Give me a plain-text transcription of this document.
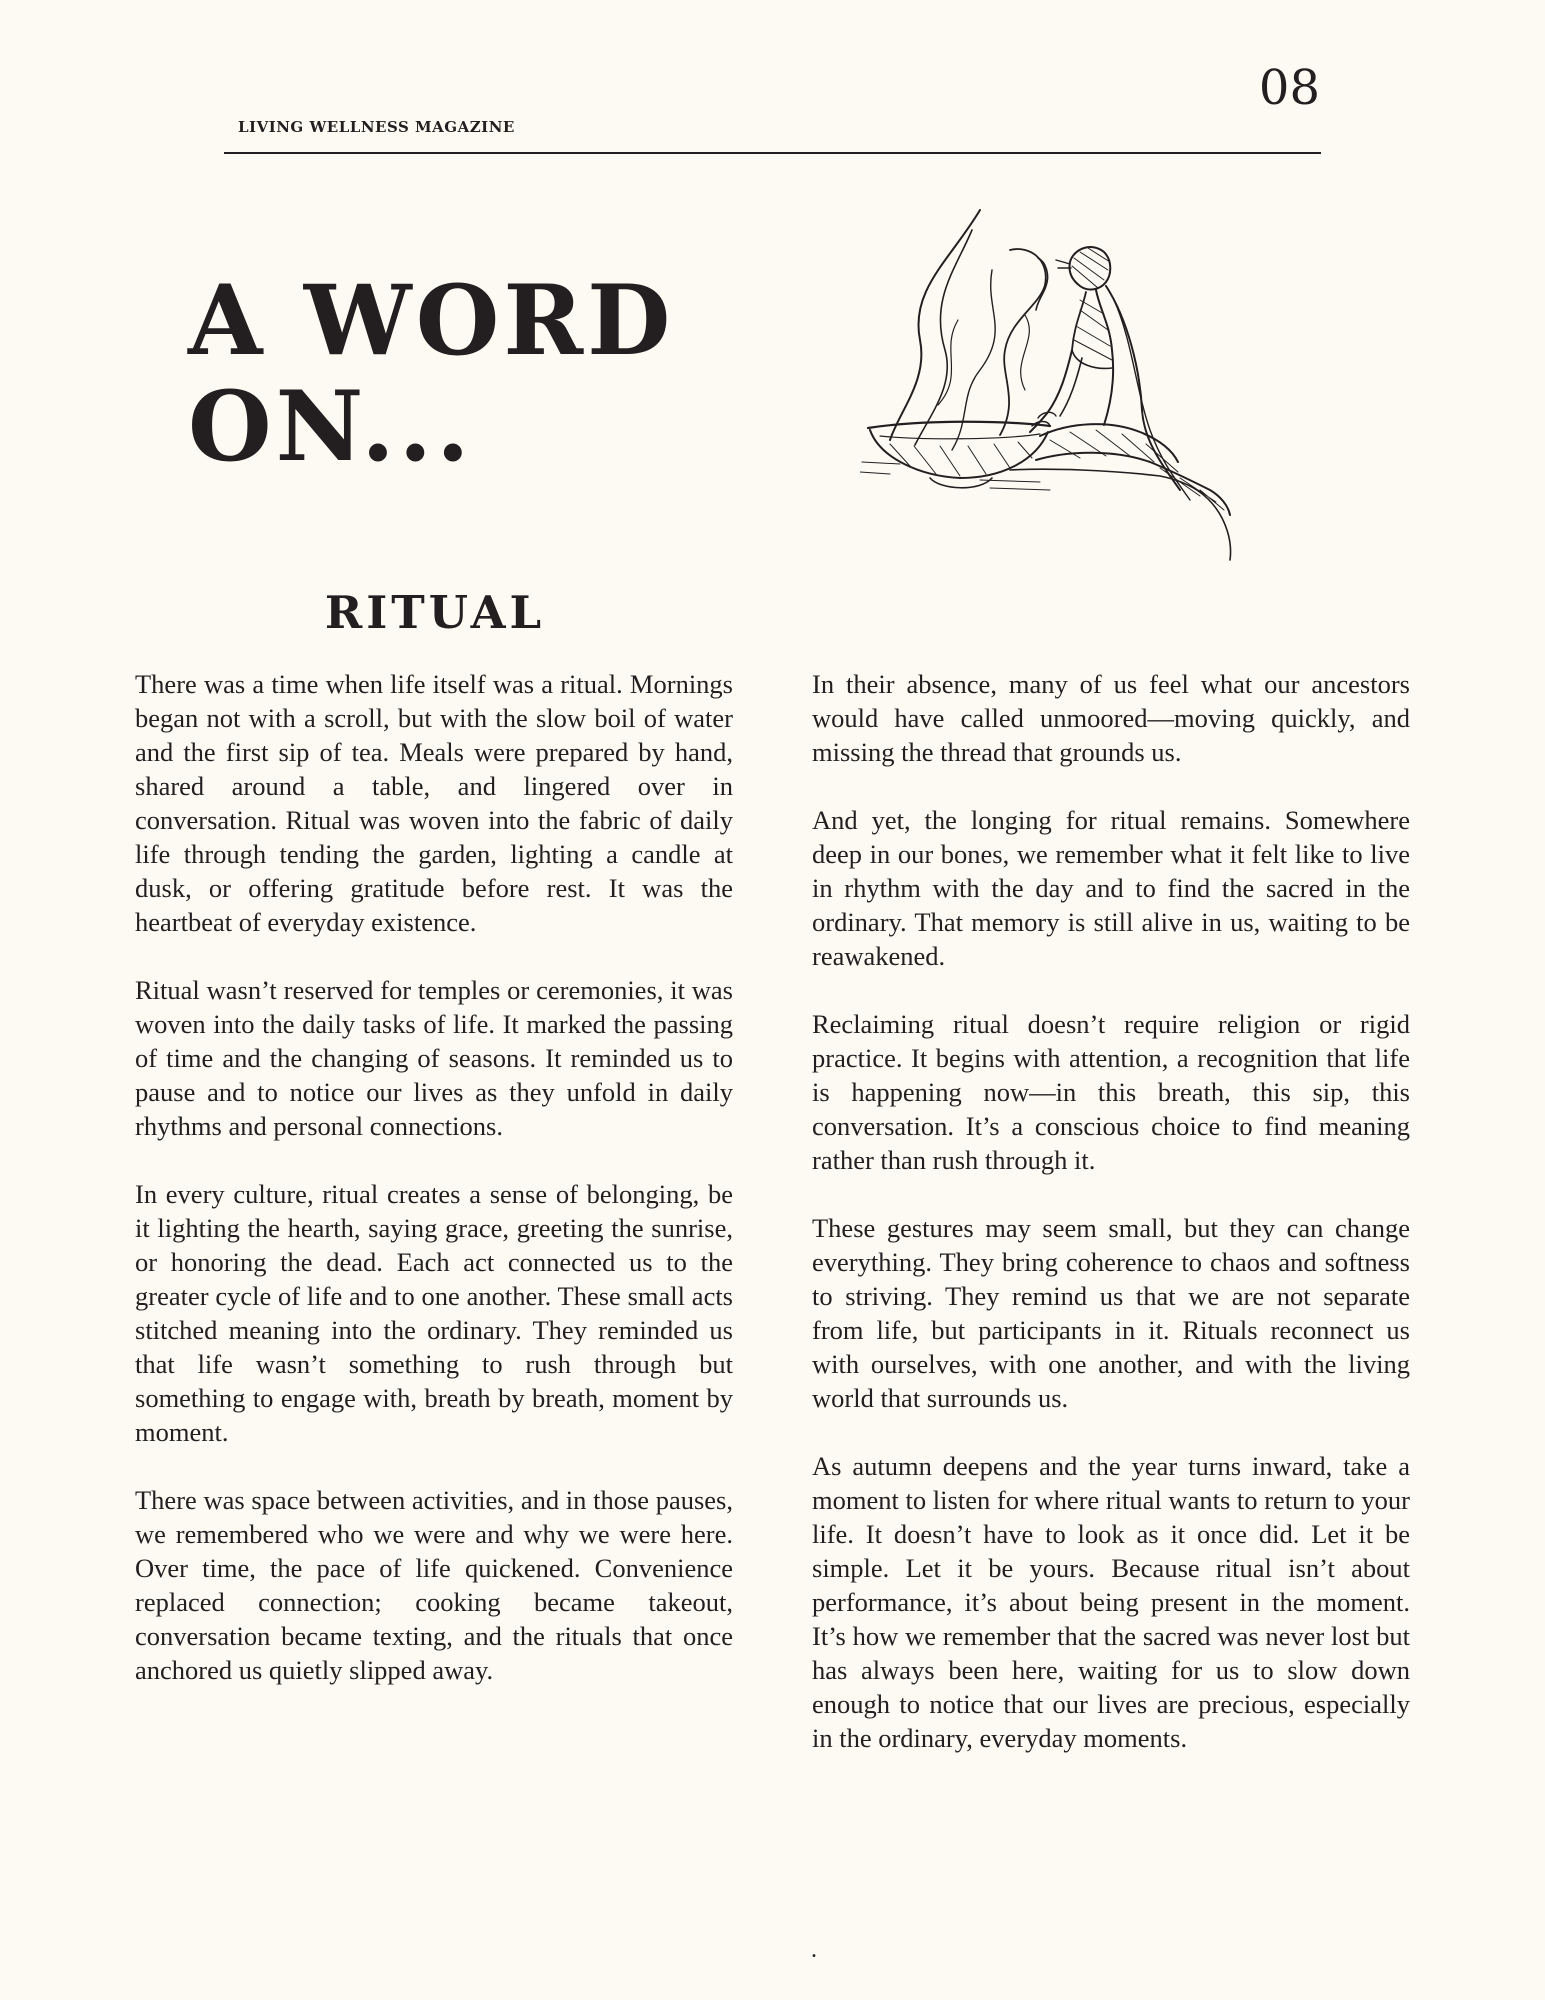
LIVING WELLNESS MAGAZINE
08
A WORD
ON...
RITUAL

There was a time when life itself was a ritual. Mornings began not with a scroll, but with the slow boil of water and the first sip of tea. Meals were prepared by hand, shared around a table, and lingered over in conversation. Ritual was woven into the fabric of daily life through tending the garden, lighting a candle at dusk, or offering gratitude before rest. It was the heartbeat of everyday existence.

Ritual wasn’t reserved for temples or ceremonies, it was woven into the daily tasks of life. It marked the passing of time and the changing of seasons. It reminded us to pause and to notice our lives as they unfold in daily rhythms and personal connections.

In every culture, ritual creates a sense of belonging, be it lighting the hearth, saying grace, greeting the sunrise, or honoring the dead. Each act connected us to the greater cycle of life and to one another. These small acts stitched meaning into the ordinary. They reminded us that life wasn’t something to rush through but something to engage with, breath by breath, moment by moment.

There was space between activities, and in those pauses, we remembered who we were and why we were here. Over time, the pace of life quickened. Convenience replaced connection; cooking became takeout, conversation became texting, and the rituals that once anchored us quietly slipped away.

In their absence, many of us feel what our ancestors would have called unmoored—moving quickly, and missing the thread that grounds us.

And yet, the longing for ritual remains. Somewhere deep in our bones, we remember what it felt like to live in rhythm with the day and to find the sacred in the ordinary. That memory is still alive in us, waiting to be reawakened.

Reclaiming ritual doesn’t require religion or rigid practice. It begins with attention, a recognition that life is happening now—in this breath, this sip, this conversation. It’s a conscious choice to find meaning rather than rush through it.

These gestures may seem small, but they can change everything. They bring coherence to chaos and softness to striving. They remind us that we are not separate from life, but participants in it. Rituals reconnect us with ourselves, with one another, and with the living world that surrounds us.

As autumn deepens and the year turns inward, take a moment to listen for where ritual wants to return to your life. It doesn’t have to look as it once did. Let it be simple. Let it be yours. Because ritual isn’t about performance, it’s about being present in the moment. It’s how we remember that the sacred was never lost but has always been here, waiting for us to slow down enough to notice that our lives are precious, especially in the ordinary, everyday moments.

.
